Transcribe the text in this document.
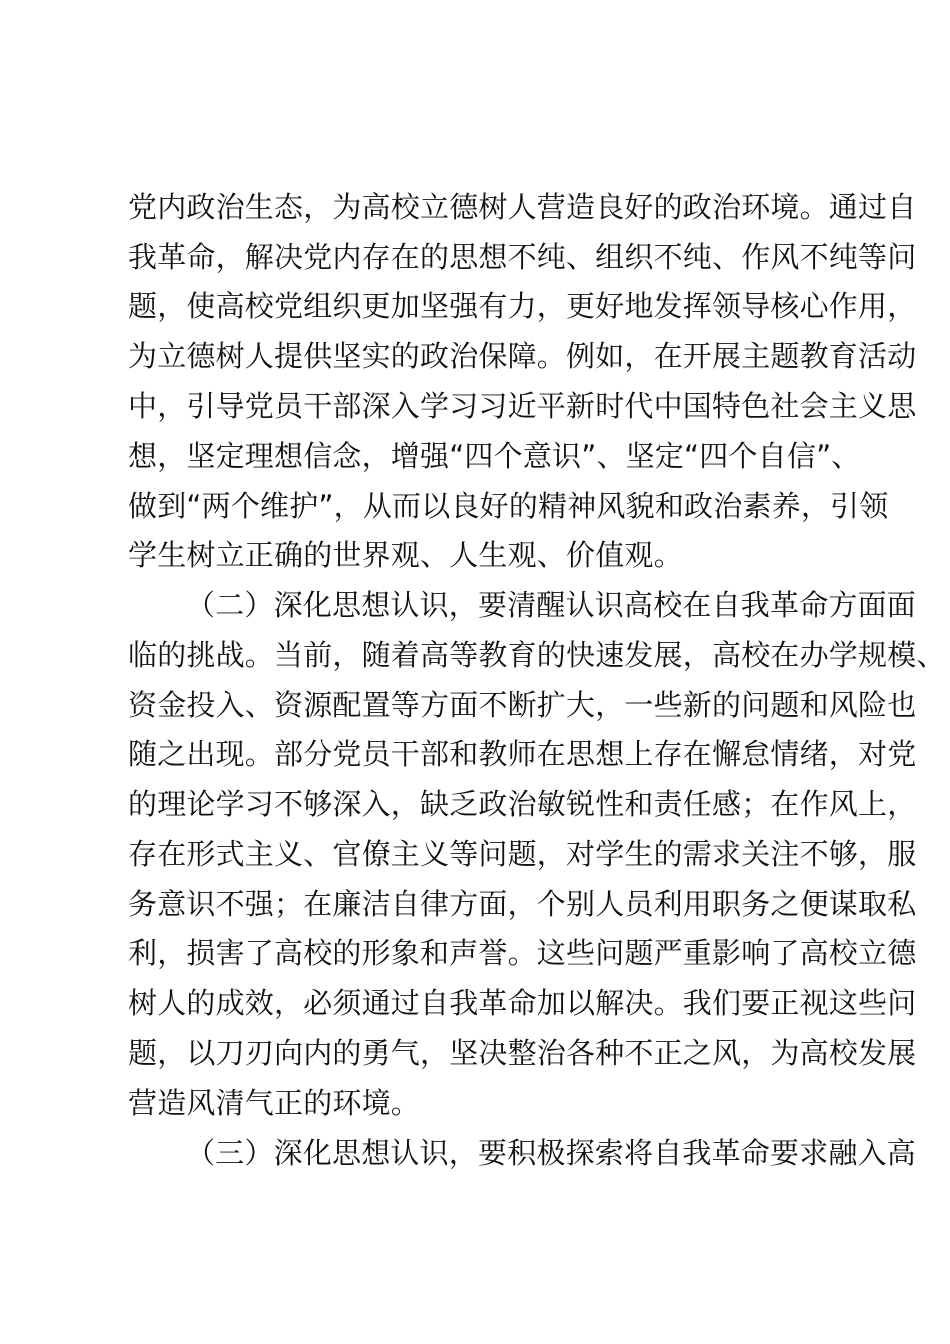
党内政治生态，为高校立德树人营造良好的政治环境。通过自
我革命，解决党内存在的思想不纯、组织不纯、作风不纯等问
题，使高校党组织更加坚强有力，更好地发挥领导核心作用，
为立德树人提供坚实的政治保障。例如，在开展主题教育活动
中，引导党员干部深入学习习近平新时代中国特色社会主义思
想，坚定理想信念，增强“四个意识”、坚定“四个自信”、
做到“两个维护”，从而以良好的精神风貌和政治素养，引领
学生树立正确的世界观、人生观、价值观。
（二）深化思想认识，要清醒认识高校在自我革命方面面
临的挑战。当前，随着高等教育的快速发展，高校在办学规模、
资金投入、资源配置等方面不断扩大，一些新的问题和风险也
随之出现。部分党员干部和教师在思想上存在懈怠情绪，对党
的理论学习不够深入，缺乏政治敏锐性和责任感；在作风上，
存在形式主义、官僚主义等问题，对学生的需求关注不够，服
务意识不强；在廉洁自律方面，个别人员利用职务之便谋取私
利，损害了高校的形象和声誉。这些问题严重影响了高校立德
树人的成效，必须通过自我革命加以解决。我们要正视这些问
题，以刀刃向内的勇气，坚决整治各种不正之风，为高校发展
营造风清气正的环境。
（三）深化思想认识，要积极探索将自我革命要求融入高
